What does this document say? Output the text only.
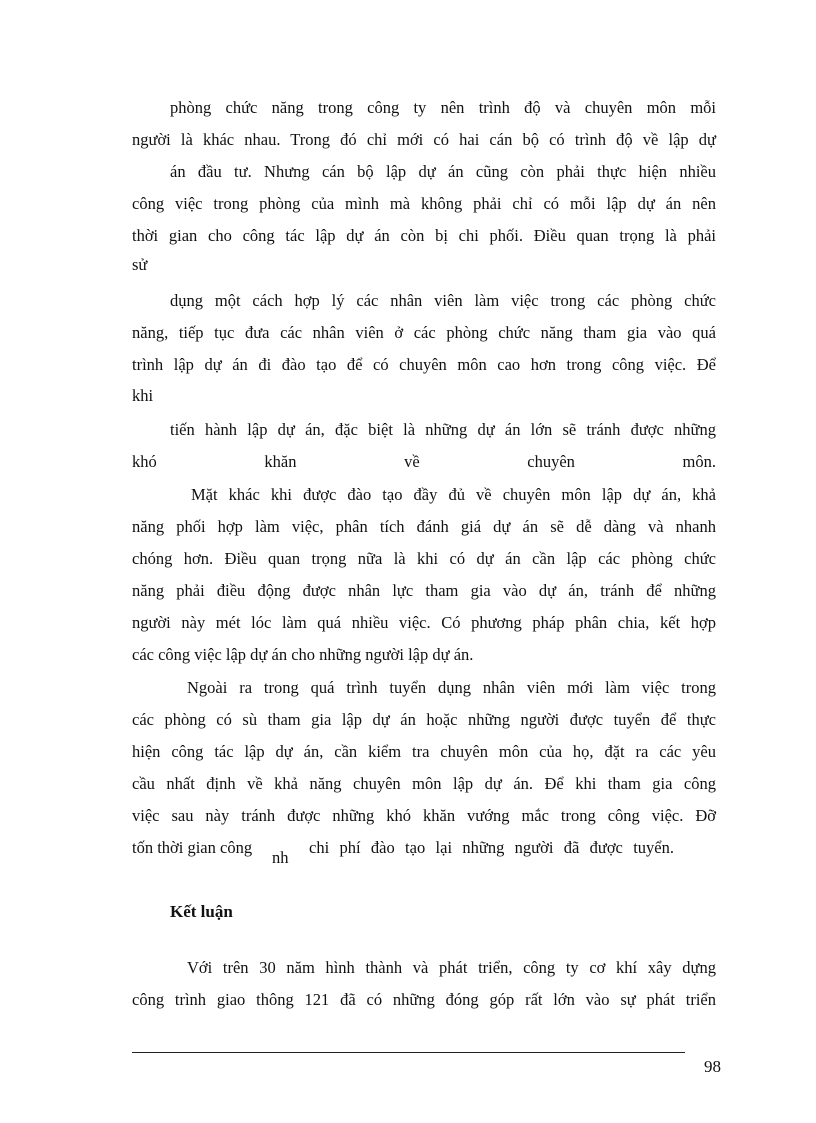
phòng chức năng trong công ty nên trình độ và chuyên môn mỗi
người là khác nhau. Trong đó chỉ mới có hai cán bộ có trình độ về lập dự
án đầu tư. Nhưng cán bộ lập dự án cũng còn phải thực hiện nhiều
công việc trong phòng của mình mà không phải chỉ có mỗi lập dự án nên
thời gian cho công tác lập dự án còn bị chi phối. Điều quan trọng là phải
sử
dụng một cách hợp lý các nhân viên làm việc trong các phòng chức
năng, tiếp tục đưa các nhân viên ở các phòng chức năng tham gia vào quá
trình lập dự án đi đào tạo để có chuyên môn cao hơn trong công việc. Để
khi
tiến hành lập dự án, đặc biệt là những dự án lớn sẽ tránh được những
khó khăn về chuyên môn.
Mặt khác khi được đào tạo đầy đủ về chuyên môn lập dự án, khả
năng phối hợp làm việc, phân tích đánh giá dự án sẽ dễ dàng và nhanh
chóng hơn. Điều quan trọng nữa là khi có dự án cần lập các phòng chức
năng phải điều động được nhân lực tham gia vào dự án, tránh để những
người này mét lóc làm quá nhiều việc. Có phương pháp phân chia, kết hợp
các công việc lập dự án cho những người lập dự án.
Ngoài ra trong quá trình tuyển dụng nhân viên mới làm việc trong
các phòng có sù tham gia lập dự án hoặc những người được tuyển để thực
hiện công tác lập dự án, cần kiểm tra chuyên môn của họ, đặt ra các yêu
cầu nhất định về khả năng chuyên môn lập dự án. Để khi tham gia công
việc sau này tránh được những khó khăn vướng mắc trong công việc. Đỡ
tốn thời gian công
nh
chi phí đào tạo lại những người đã được tuyển.
Kết luận
Với trên 30 năm hình thành và phát triển, công ty cơ khí xây dựng
công trình giao thông 121 đã có những đóng góp rất lớn vào sự phát triển
98
